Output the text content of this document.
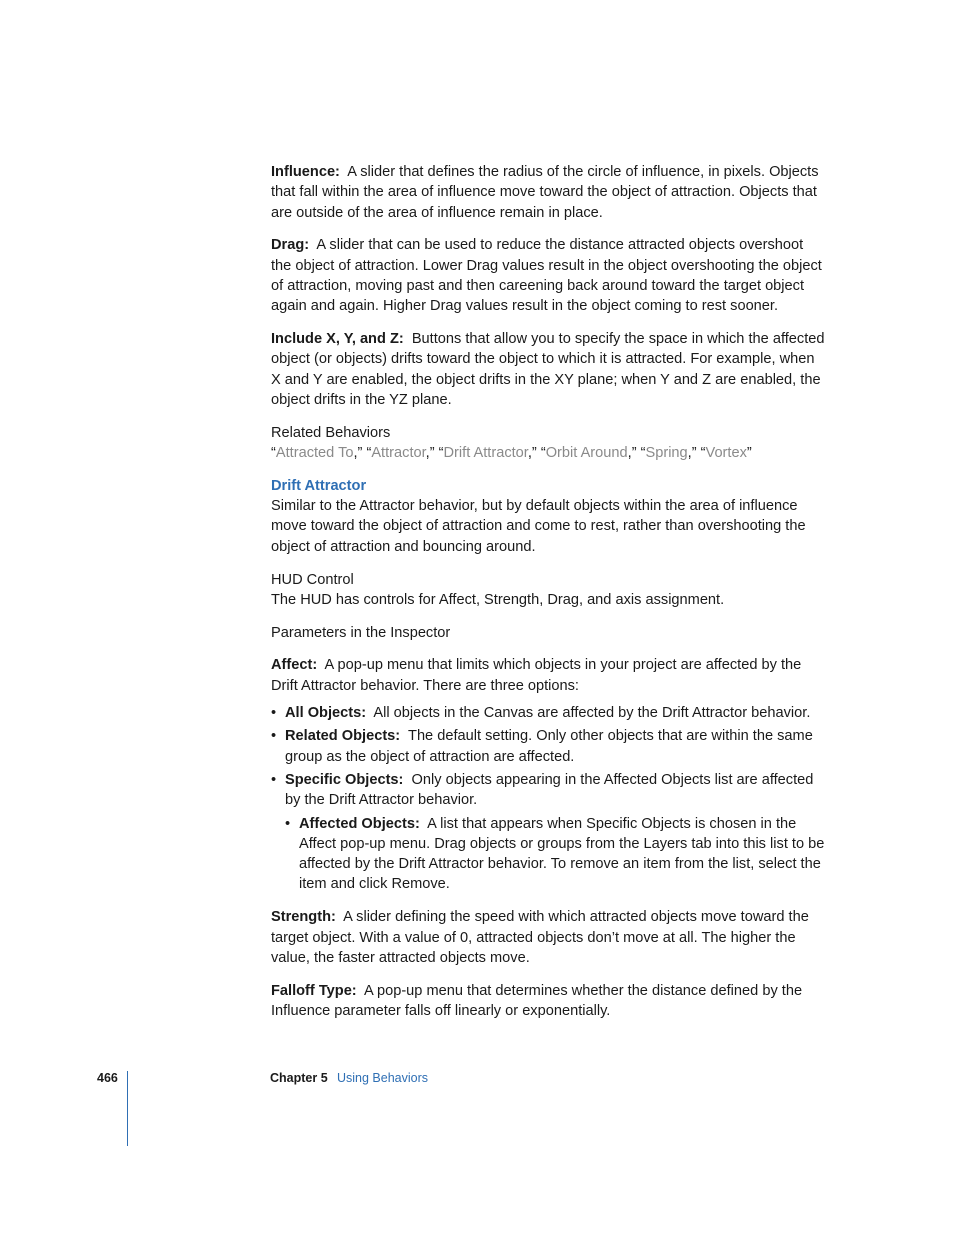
Influence: A slider that defines the radius of the circle of influence, in pixels. Objects that fall within the area of influence move toward the object of attraction. Objects that are outside of the area of influence remain in place.

Drag: A slider that can be used to reduce the distance attracted objects overshoot the object of attraction. Lower Drag values result in the object overshooting the object of attraction, moving past and then careening back around toward the target object again and again. Higher Drag values result in the object coming to rest sooner.

Include X, Y, and Z: Buttons that allow you to specify the space in which the affected object (or objects) drifts toward the object to which it is attracted. For example, when X and Y are enabled, the object drifts in the XY plane; when Y and Z are enabled, the object drifts in the YZ plane.

Related Behaviors

“Attracted To,” “Attractor,” “Drift Attractor,” “Orbit Around,” “Spring,” “Vortex”

Drift Attractor

Similar to the Attractor behavior, but by default objects within the area of influence move toward the object of attraction and come to rest, rather than overshooting the object of attraction and bouncing around.

HUD Control

The HUD has controls for Affect, Strength, Drag, and axis assignment.

Parameters in the Inspector

Affect: A pop-up menu that limits which objects in your project are affected by the Drift Attractor behavior. There are three options:

• All Objects: All objects in the Canvas are affected by the Drift Attractor behavior.
• Related Objects: The default setting. Only other objects that are within the same group as the object of attraction are affected.
• Specific Objects: Only objects appearing in the Affected Objects list are affected by the Drift Attractor behavior.
• Affected Objects: A list that appears when Specific Objects is chosen in the Affect pop-up menu. Drag objects or groups from the Layers tab into this list to be affected by the Drift Attractor behavior. To remove an item from the list, select the item and click Remove.

Strength: A slider defining the speed with which attracted objects move toward the target object. With a value of 0, attracted objects don’t move at all. The higher the value, the faster attracted objects move.

Falloff Type: A pop-up menu that determines whether the distance defined by the Influence parameter falls off linearly or exponentially.

466	Chapter 5 Using Behaviors
